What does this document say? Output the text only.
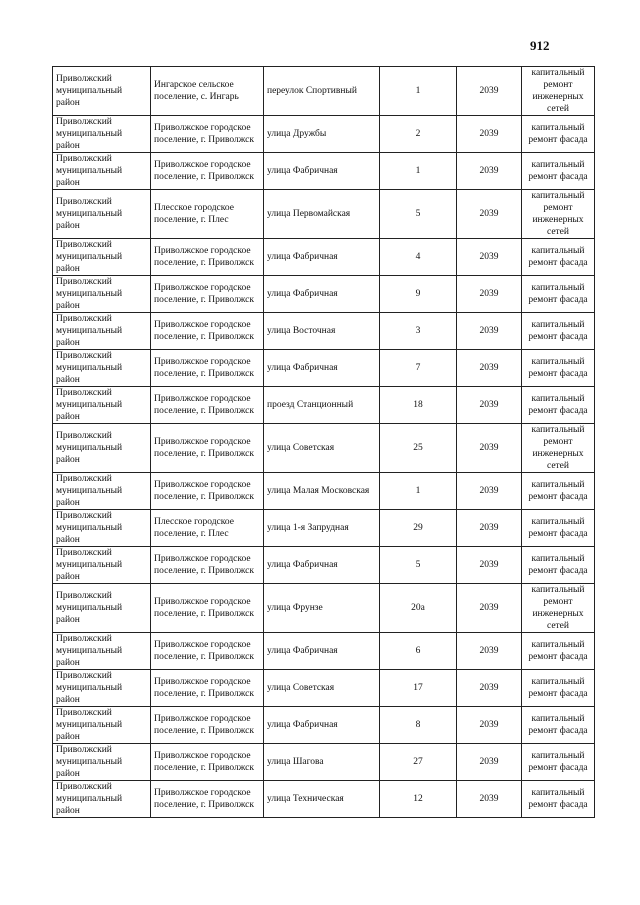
912
Приволжский муниципальный район	Ингарское сельское поселение, с. Ингарь	переулок Спортивный	1	2039	капитальный ремонт инженерных сетей
Приволжский муниципальный район	Приволжское городское поселение, г. Приволжск	улица Дружбы	2	2039	капитальный ремонт фасада
Приволжский муниципальный район	Приволжское городское поселение, г. Приволжск	улица Фабричная	1	2039	капитальный ремонт фасада
Приволжский муниципальный район	Плесское городское поселение, г. Плес	улица Первомайская	5	2039	капитальный ремонт инженерных сетей
Приволжский муниципальный район	Приволжское городское поселение, г. Приволжск	улица Фабричная	4	2039	капитальный ремонт фасада
Приволжский муниципальный район	Приволжское городское поселение, г. Приволжск	улица Фабричная	9	2039	капитальный ремонт фасада
Приволжский муниципальный район	Приволжское городское поселение, г. Приволжск	улица Восточная	3	2039	капитальный ремонт фасада
Приволжский муниципальный район	Приволжское городское поселение, г. Приволжск	улица Фабричная	7	2039	капитальный ремонт фасада
Приволжский муниципальный район	Приволжское городское поселение, г. Приволжск	проезд Станционный	18	2039	капитальный ремонт фасада
Приволжский муниципальный район	Приволжское городское поселение, г. Приволжск	улица Советская	25	2039	капитальный ремонт инженерных сетей
Приволжский муниципальный район	Приволжское городское поселение, г. Приволжск	улица Малая Московская	1	2039	капитальный ремонт фасада
Приволжский муниципальный район	Плесское городское поселение, г. Плес	улица 1-я Запрудная	29	2039	капитальный ремонт фасада
Приволжский муниципальный район	Приволжское городское поселение, г. Приволжск	улица Фабричная	5	2039	капитальный ремонт фасада
Приволжский муниципальный район	Приволжское городское поселение, г. Приволжск	улица Фрунзе	20а	2039	капитальный ремонт инженерных сетей
Приволжский муниципальный район	Приволжское городское поселение, г. Приволжск	улица Фабричная	6	2039	капитальный ремонт фасада
Приволжский муниципальный район	Приволжское городское поселение, г. Приволжск	улица Советская	17	2039	капитальный ремонт фасада
Приволжский муниципальный район	Приволжское городское поселение, г. Приволжск	улица Фабричная	8	2039	капитальный ремонт фасада
Приволжский муниципальный район	Приволжское городское поселение, г. Приволжск	улица Шагова	27	2039	капитальный ремонт фасада
Приволжский муниципальный район	Приволжское городское поселение, г. Приволжск	улица Техническая	12	2039	капитальный ремонт фасада
